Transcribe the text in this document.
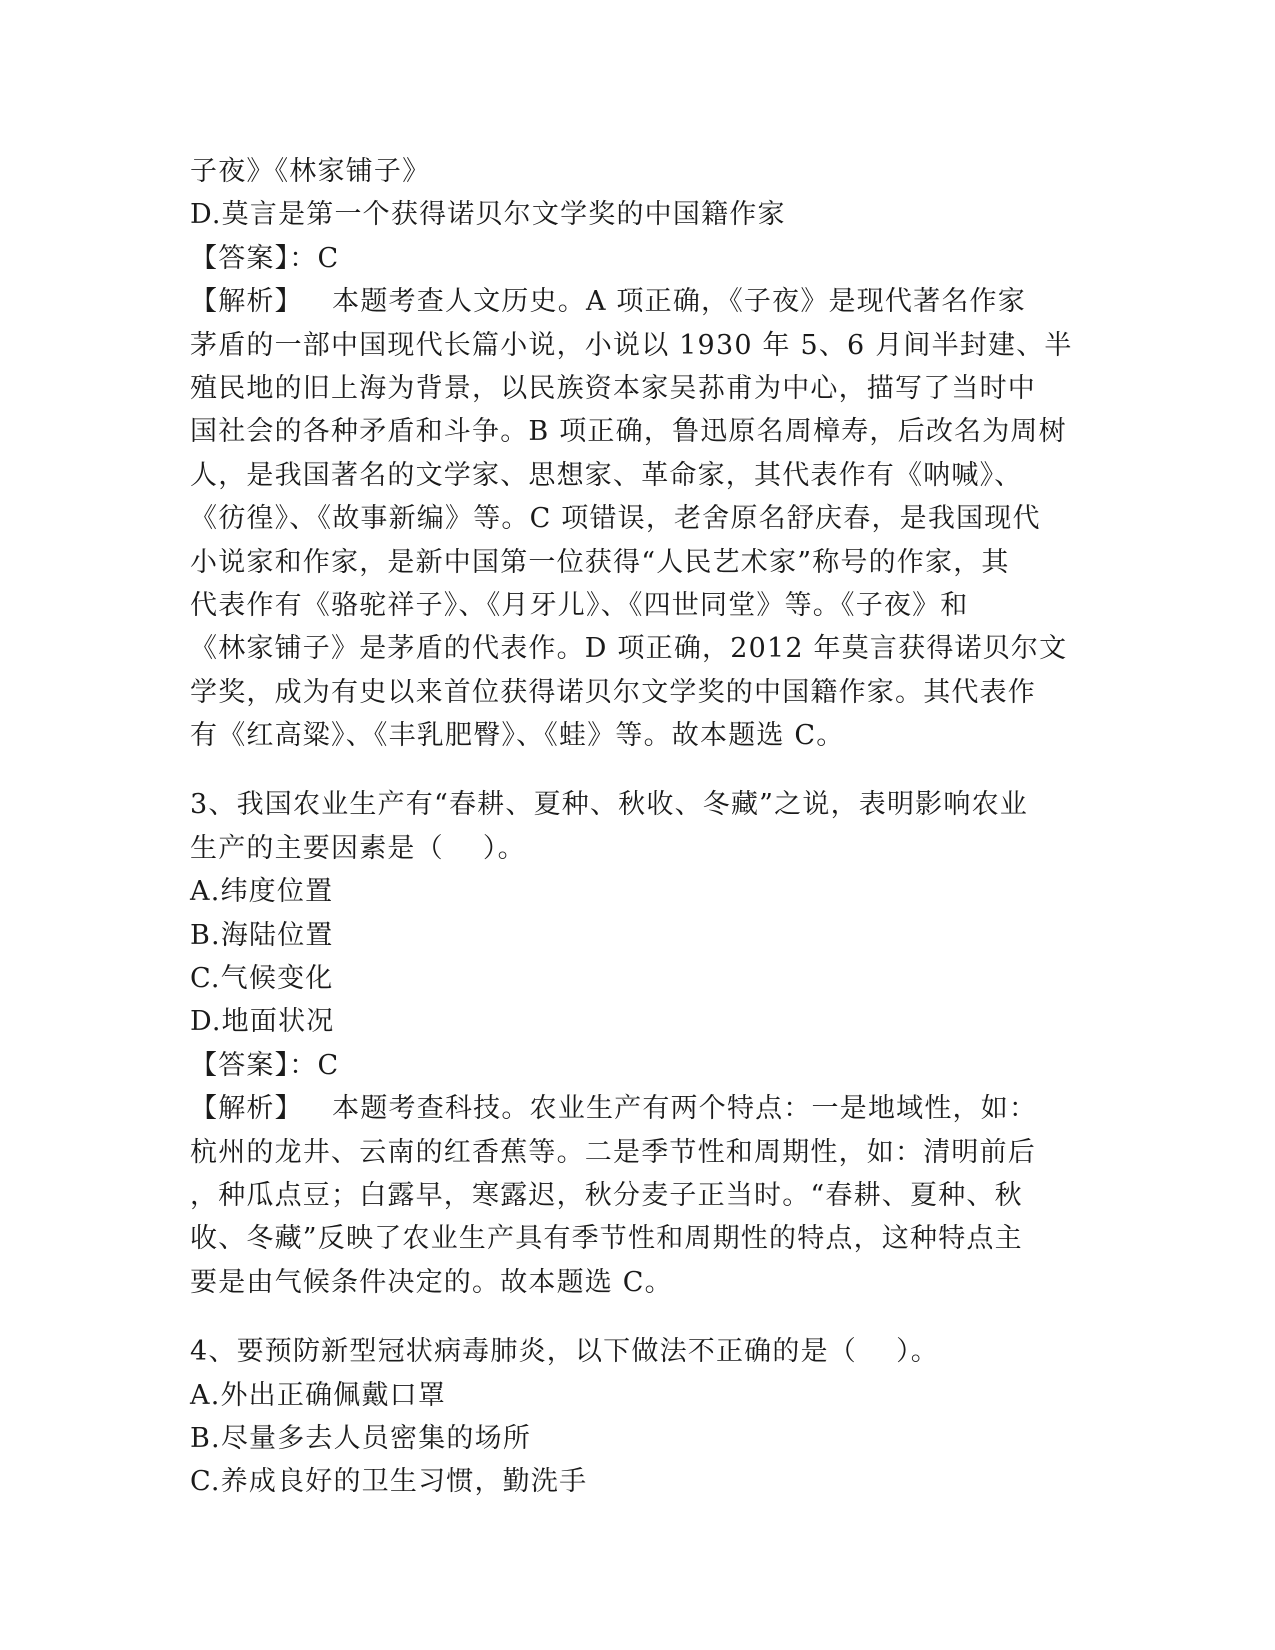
子夜》《林家铺子》
D.莫言是第一个获得诺贝尔文学奖的中国籍作家
【答案】：C
【解析】   本题考查人文历史。A 项正确，《子夜》是现代著名作家
茅盾的一部中国现代长篇小说，小说以 1930 年 5、6 月间半封建、半
殖民地的旧上海为背景，以民族资本家吴荪甫为中心，描写了当时中
国社会的各种矛盾和斗争。B 项正确，鲁迅原名周樟寿，后改名为周树
人，是我国著名的文学家、思想家、革命家，其代表作有《呐喊》、
《彷徨》、《故事新编》等。C 项错误，老舍原名舒庆春，是我国现代
小说家和作家，是新中国第一位获得“人民艺术家”称号的作家，其
代表作有《骆驼祥子》、《月牙儿》、《四世同堂》等。《子夜》和
《林家铺子》是茅盾的代表作。D 项正确，2012 年莫言获得诺贝尔文
学奖，成为有史以来首位获得诺贝尔文学奖的中国籍作家。其代表作
有《红高粱》、《丰乳肥臀》、《蛙》等。故本题选 C。
3、我国农业生产有“春耕、夏种、秋收、冬藏”之说，表明影响农业
生产的主要因素是（    ）。
A.纬度位置
B.海陆位置
C.气候变化
D.地面状况
【答案】：C
【解析】   本题考查科技。农业生产有两个特点：一是地域性，如：
杭州的龙井、云南的红香蕉等。二是季节性和周期性，如：清明前后
，种瓜点豆；白露早，寒露迟，秋分麦子正当时。“春耕、夏种、秋
收、冬藏”反映了农业生产具有季节性和周期性的特点，这种特点主
要是由气候条件决定的。故本题选 C。
4、要预防新型冠状病毒肺炎，以下做法不正确的是（    ）。
A.外出正确佩戴口罩
B.尽量多去人员密集的场所
C.养成良好的卫生习惯，勤洗手
